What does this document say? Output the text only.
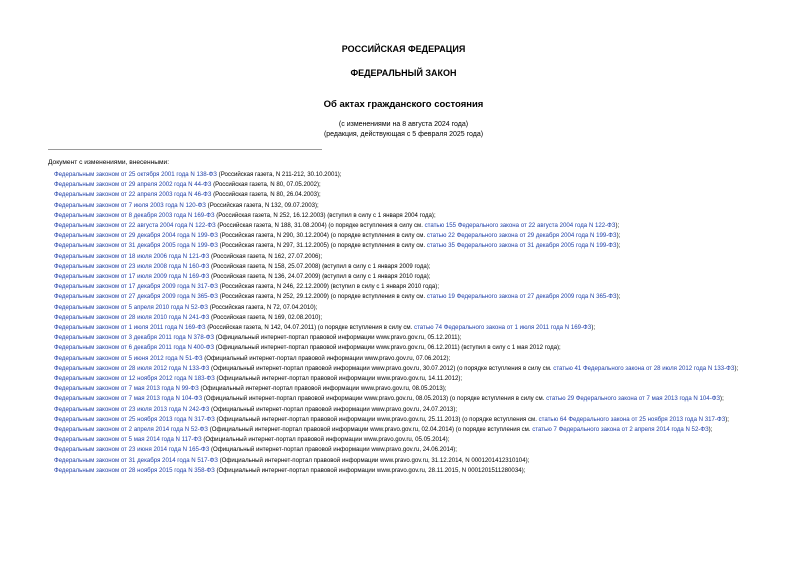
РОССИЙСКАЯ ФЕДЕРАЦИЯ
ФЕДЕРАЛЬНЫЙ ЗАКОН
Об актах гражданского состояния
(с изменениями на 8 августа 2024 года)
(редакция, действующая с 5 февраля 2025 года)
Документ с изменениями, внесенными:
Федеральным законом от 25 октября 2001 года N 138-ФЗ (Российская газета, N 211-212, 30.10.2001);
Федеральным законом от 29 апреля 2002 года N 44-ФЗ (Российская газета, N 80, 07.05.2002);
Федеральным законом от 22 апреля 2003 года N 46-ФЗ (Российская газета, N 80, 26.04.2003);
Федеральным законом от 7 июля 2003 года N 120-ФЗ (Российская газета, N 132, 09.07.2003);
Федеральным законом от 8 декабря 2003 года N 169-ФЗ (Российская газета, N 252, 16.12.2003) (вступил в силу с 1 января 2004 года);
Федеральным законом от 22 августа 2004 года N 122-ФЗ (Российская газета, N 188, 31.08.2004) (о порядке вступления в силу см. статью 155 Федерального закона от 22 августа 2004 года N 122-ФЗ);
Федеральным законом от 29 декабря 2004 года N 199-ФЗ (Российская газета, N 290, 30.12.2004) (о порядке вступления в силу см. статью 22 Федерального закона от 29 декабря 2004 года N 199-ФЗ);
Федеральным законом от 31 декабря 2005 года N 199-ФЗ (Российская газета, N 297, 31.12.2005) (о порядке вступления в силу см. статью 35 Федерального закона от 31 декабря 2005 года N 199-ФЗ);
Федеральным законом от 18 июля 2006 года N 121-ФЗ (Российская газета, N 162, 27.07.2006);
Федеральным законом от 23 июля 2008 года N 160-ФЗ (Российская газета, N 158, 25.07.2008) (вступил в силу с 1 января 2009 года);
Федеральным законом от 17 июля 2009 года N 169-ФЗ (Российская газета, N 136, 24.07.2009) (вступил в силу с 1 января 2010 года);
Федеральным законом от 17 декабря 2009 года N 317-ФЗ (Российская газета, N 246, 22.12.2009) (вступил в силу с 1 января 2010 года);
Федеральным законом от 27 декабря 2009 года N 365-ФЗ (Российская газета, N 252, 29.12.2009) (о порядке вступления в силу см. статью 19 Федерального закона от 27 декабря 2009 года N 365-ФЗ);
Федеральным законом от 5 апреля 2010 года N 52-ФЗ (Российская газета, N 72, 07.04.2010);
Федеральным законом от 28 июля 2010 года N 241-ФЗ (Российская газета, N 169, 02.08.2010);
Федеральным законом от 1 июля 2011 года N 169-ФЗ (Российская газета, N 142, 04.07.2011) (о порядке вступления в силу см. статью 74 Федерального закона от 1 июля 2011 года N 169-ФЗ);
Федеральным законом от 3 декабря 2011 года N 378-ФЗ (Официальный интернет-портал правовой информации www.pravo.gov.ru, 05.12.2011);
Федеральным законом от 6 декабря 2011 года N 400-ФЗ (Официальный интернет-портал правовой информации www.pravo.gov.ru, 06.12.2011) (вступил в силу с 1 мая 2012 года);
Федеральным законом от 5 июня 2012 года N 51-ФЗ (Официальный интернет-портал правовой информации www.pravo.gov.ru, 07.06.2012);
Федеральным законом от 28 июля 2012 года N 133-ФЗ (Официальный интернет-портал правовой информации www.pravo.gov.ru, 30.07.2012) (о порядке вступления в силу см. статью 41 Федерального закона от 28 июля 2012 года N 133-ФЗ);
Федеральным законом от 12 ноября 2012 года N 183-ФЗ (Официальный интернет-портал правовой информации www.pravo.gov.ru, 14.11.2012);
Федеральным законом от 7 мая 2013 года N 99-ФЗ (Официальный интернет-портал правовой информации www.pravo.gov.ru, 08.05.2013);
Федеральным законом от 7 мая 2013 года N 104-ФЗ (Официальный интернет-портал правовой информации www.pravo.gov.ru, 08.05.2013) (о порядке вступления в силу см. статью 29 Федерального закона от 7 мая 2013 года N 104-ФЗ);
Федеральным законом от 23 июля 2013 года N 242-ФЗ (Официальный интернет-портал правовой информации www.pravo.gov.ru, 24.07.2013);
Федеральным законом от 25 ноября 2013 года N 317-ФЗ (Официальный интернет-портал правовой информации www.pravo.gov.ru, 25.11.2013) (о порядке вступления см. статью 64 Федерального закона от 25 ноября 2013 года N 317-ФЗ);
Федеральным законом от 2 апреля 2014 года N 52-ФЗ (Официальный интернет-портал правовой информации www.pravo.gov.ru, 02.04.2014) (о порядке вступления см. статью 7 Федерального закона от 2 апреля 2014 года N 52-ФЗ);
Федеральным законом от 5 мая 2014 года N 117-ФЗ (Официальный интернет-портал правовой информации www.pravo.gov.ru, 05.05.2014);
Федеральным законом от 23 июня 2014 года N 165-ФЗ (Официальный интернет-портал правовой информации www.pravo.gov.ru, 24.06.2014);
Федеральным законом от 31 декабря 2014 года N 517-ФЗ (Официальный интернет-портал правовой информации www.pravo.gov.ru, 31.12.2014, N 0001201412310104);
Федеральным законом от 28 ноября 2015 года N 358-ФЗ (Официальный интернет-портал правовой информации www.pravo.gov.ru, 28.11.2015, N 0001201511280034);
